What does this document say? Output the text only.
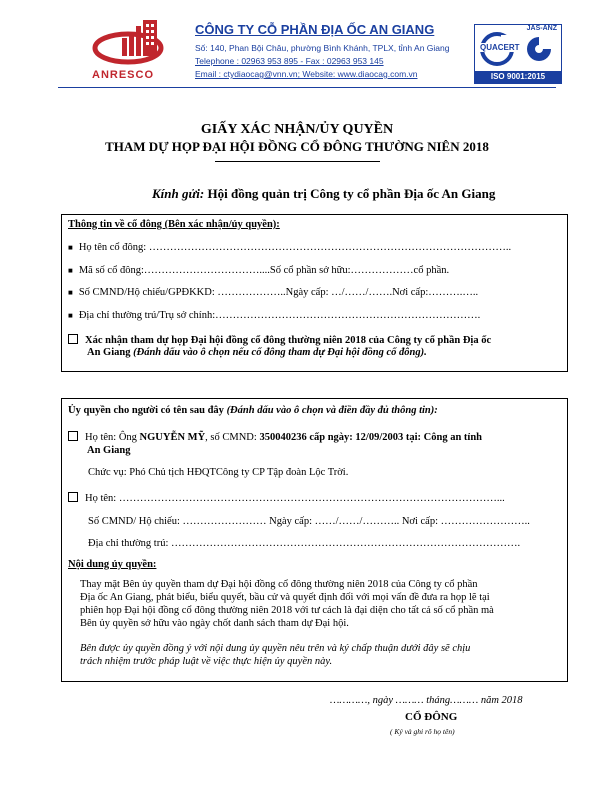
ANRESCO
CÔNG TY CỖ PHẦN ĐỊA ỐC AN GIANG
Số: 140, Phan Bội Châu, phường Bình Khánh, TPLX, tỉnh An Giang
Telephone : 02963 953 895 - Fax : 02963 953 145
Email : ctydiaocag@vnn.vn; Website: www.diaocag.com.vn
JAS-ANZ
QUACERT
ISO 9001:2015
GIẤY XÁC NHẬN/ỦY QUYỀN
THAM DỰ HỌP ĐẠI HỘI ĐỒNG CỔ ĐÔNG THƯỜNG NIÊN 2018
Kính gửi: Hội đồng quản trị Công ty cổ phần Địa ốc An Giang
Thông tin về cổ đông (Bên xác nhận/ủy quyền):
■ Họ tên cổ đông: …………………………………………………………………………………………..
■ Mã số cổ đông:……………………………....Số cổ phần sở hữu:………………cổ phần.
■ Số CMND/Hộ chiếu/GPĐKKD: ………………..Ngày cấp: …/……/…….Nơi cấp:……….…..
■ Địa chỉ thường trú/Trụ sở chính:………………………………………………………………….
Xác nhận tham dự họp Đại hội đồng cổ đông thường niên 2018 của Công ty cổ phần Địa ốc
An Giang (Đánh dấu vào ô chọn nếu cổ đông tham dự Đại hội đồng cổ đông).
Ủy quyền cho người có tên sau đây (Đánh dấu vào ô chọn và điền đầy đủ thông tin):
Họ tên: Ông NGUYỄN MỸ, số CMND: 350040236 cấp ngày: 12/09/2003 tại: Công an tỉnh
An Giang
Chức vụ: Phó Chủ tịch HĐQTCông ty CP Tập đoàn Lộc Trời.
Họ tên: ………………………………………………………………………………………………...
Số CMND/ Hộ chiếu: …………………… Ngày cấp: ……/……/……….. Nơi cấp: ……………………..
Địa chỉ thường trú: ……………………………………………………………………………………….
Nội dung ủy quyền:
Thay mặt Bên ủy quyền tham dự Đại hội đồng cổ đông thường niên 2018 của Công ty cổ phần
Địa ốc An Giang, phát biểu, biểu quyết, bầu cử và quyết định đối với mọi vấn đề đưa ra họp lẽ tại
phiên họp Đại hội đồng cổ đông thường niên 2018 với tư cách là đại diện cho tất cả số cổ phần mà
Bên ủy quyền sở hữu vào ngày chốt danh sách tham dự Đại hội.
Bên được ủy quyền đồng ý với nội dung ủy quyền nêu trên và ký chấp thuận dưới đây sẽ chịu
trách nhiệm trước pháp luật về việc thực hiện ủy quyền này.
…………, ngày ……… tháng……… năm 2018
CỔ ĐÔNG
( Ký và ghi rõ họ tên)
